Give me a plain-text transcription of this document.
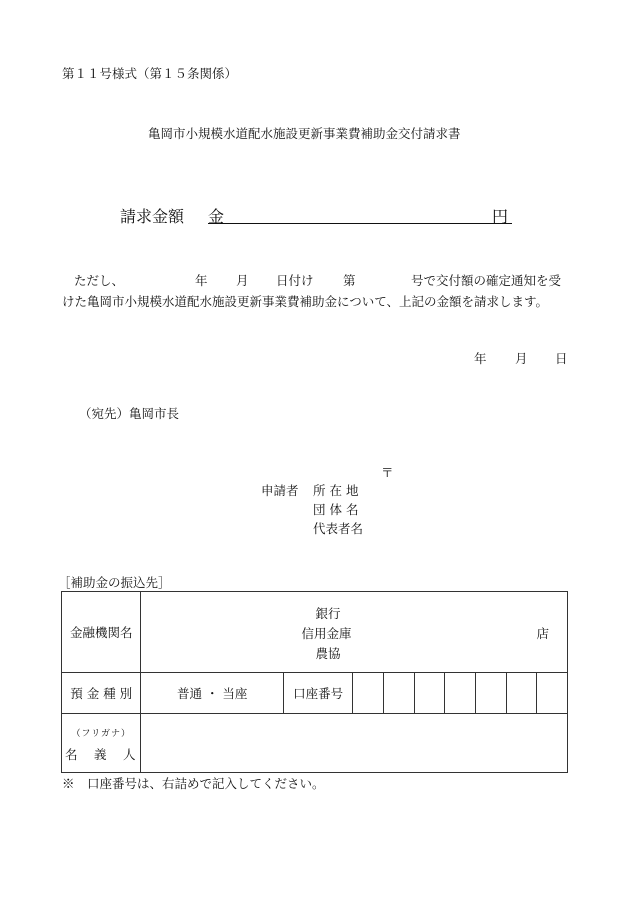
第１１号様式（第１５条関係）
亀岡市小規模水道配水施設更新事業費補助金交付請求書
請求金額 金	円
ただし、	年 月 日付け 第	号で交付額の確定通知を受
けた亀岡市小規模水道配水施設更新事業費補助金について、上記の金額を請求します。
年 月 日
（宛先）亀岡市長
〒
申請者 所 在 地
団 体 名
代表者名
［補助金の振込先］
金融機関名	銀行
信用金庫
農協
店								

預 金 種 別	普通 ・ 当座	口座番号							

（フリガナ）
名　義　人									

※　口座番号は、右詰めで記入してください。
